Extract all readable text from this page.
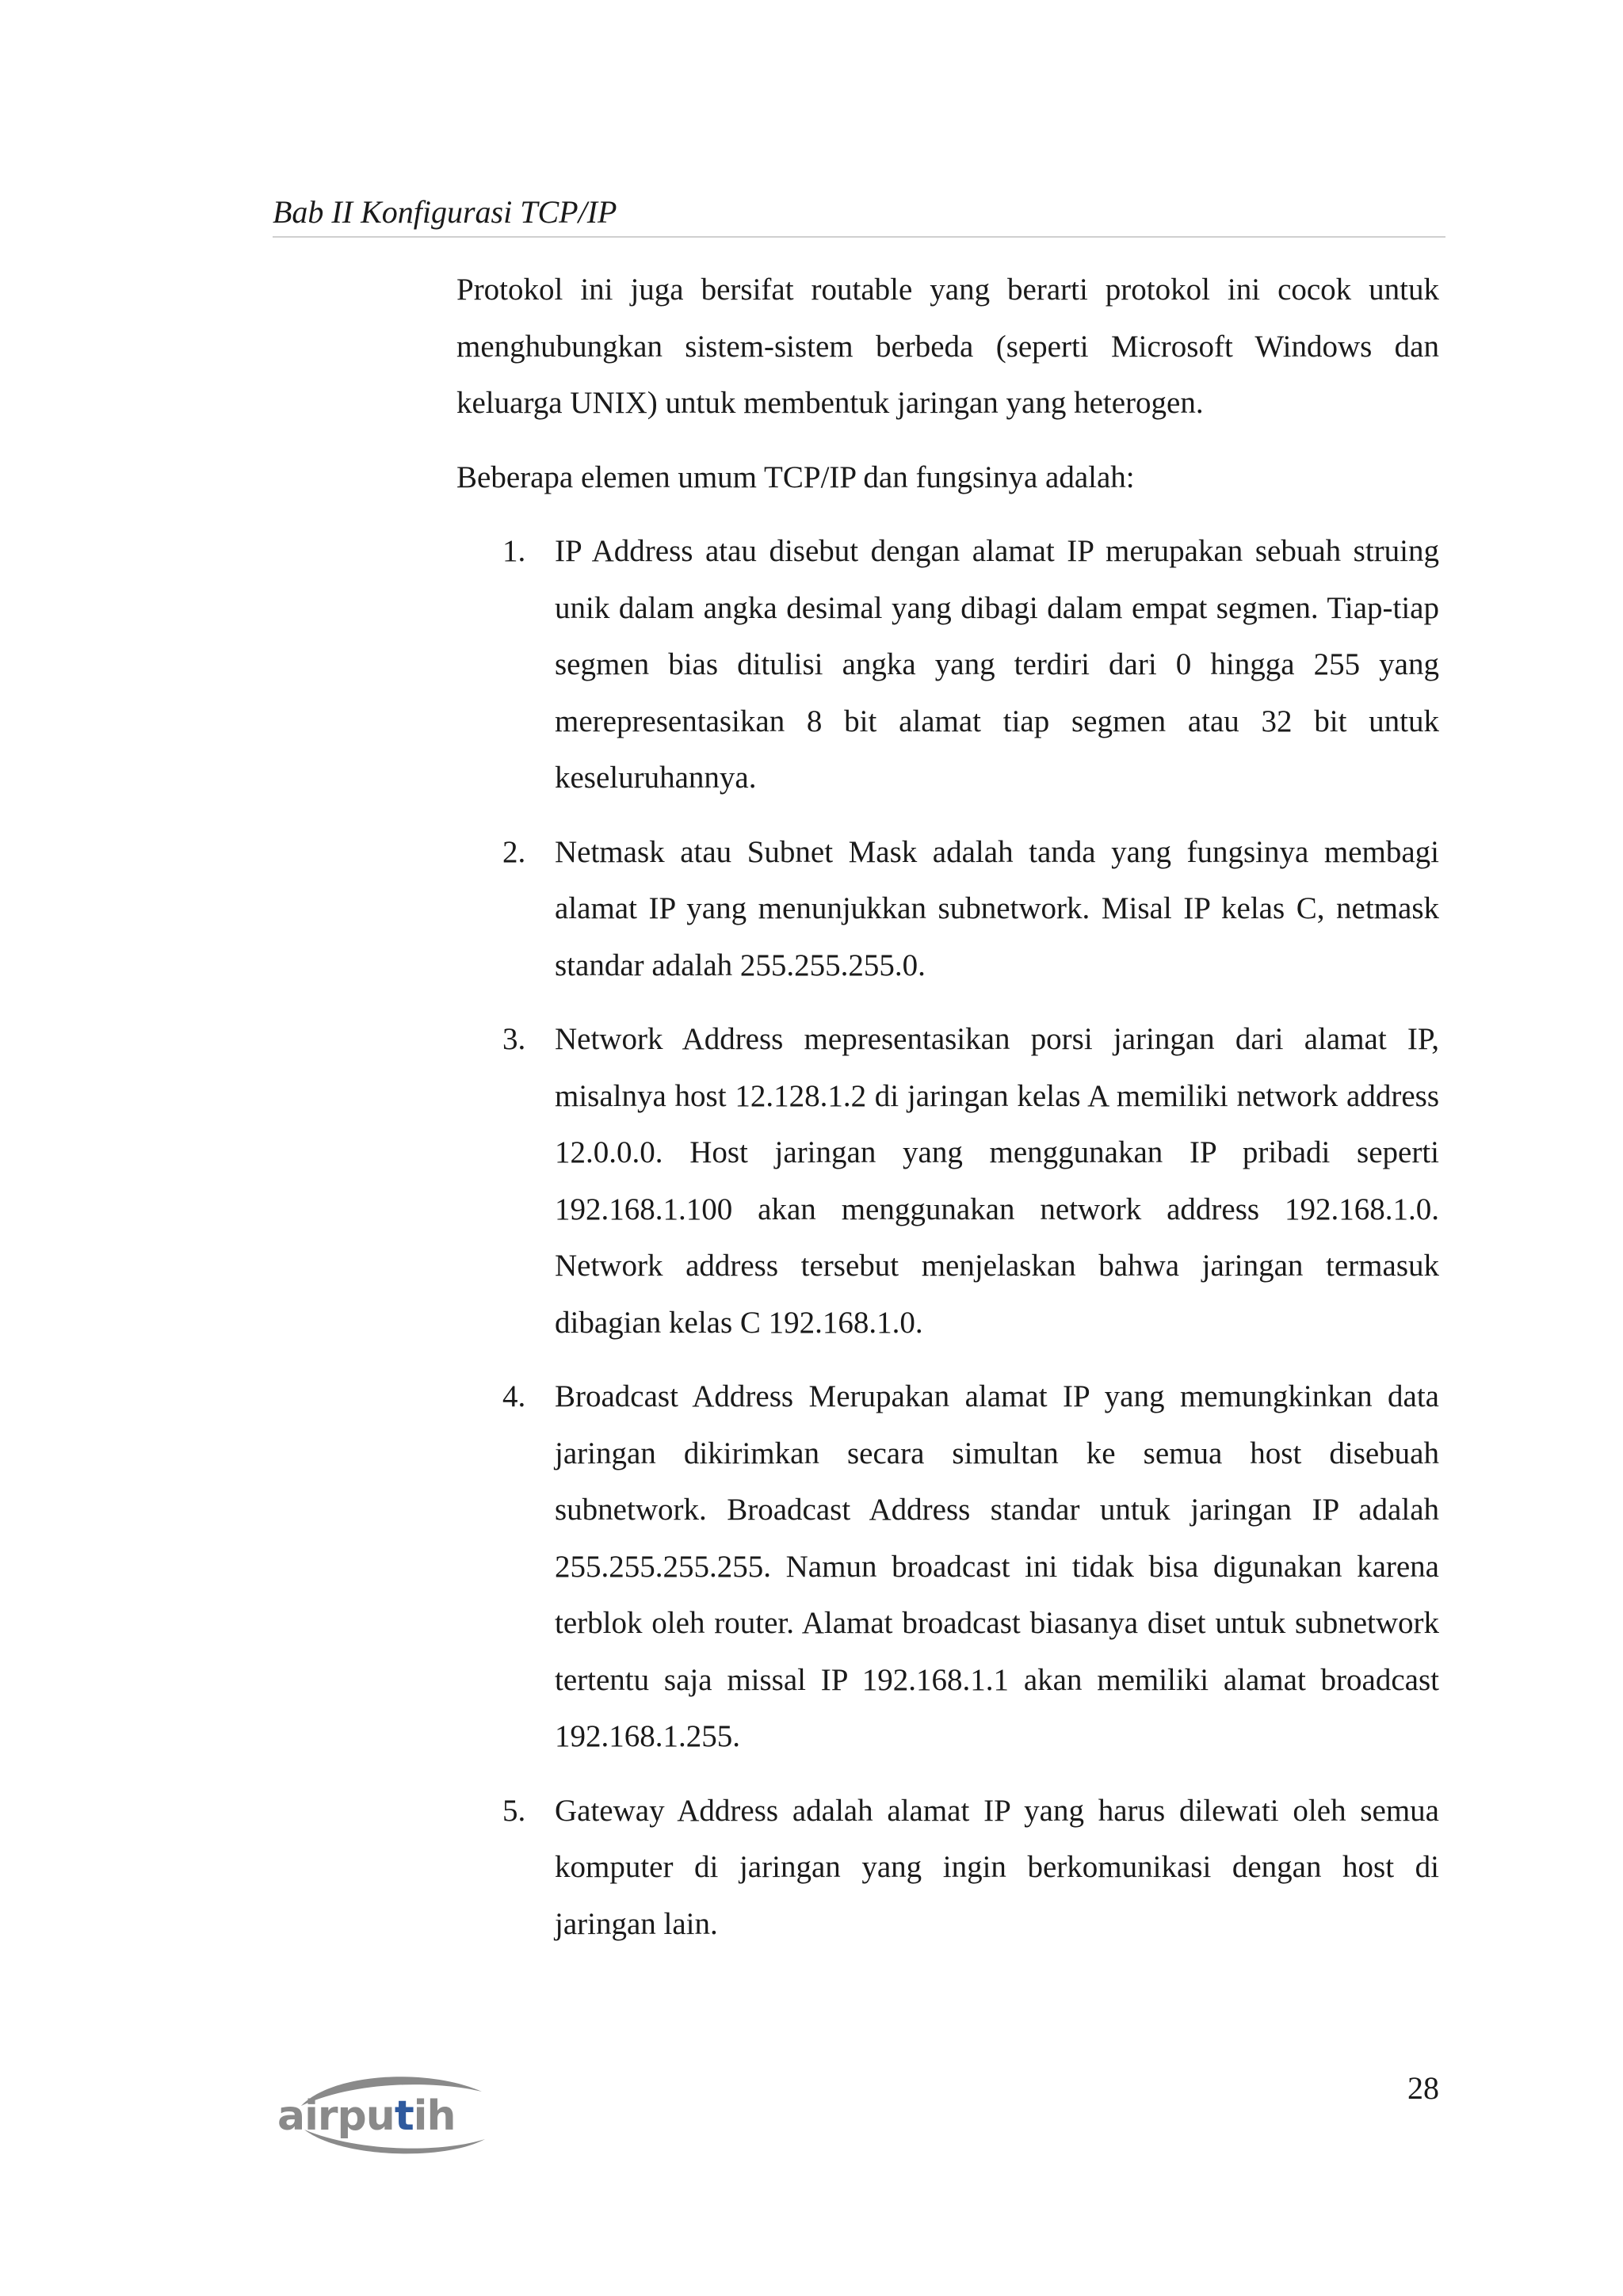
Bab II Konfigurasi TCP/IP

Protokol ini juga bersifat routable yang berarti protokol ini cocok untuk menghubungkan sistem-sistem berbeda (seperti Microsoft Windows dan keluarga UNIX) untuk membentuk jaringan yang heterogen.

Beberapa elemen umum TCP/IP dan fungsinya adalah:

1. IP Address atau disebut dengan alamat IP merupakan sebuah struing unik dalam angka desimal yang dibagi dalam empat segmen. Tiap-tiap segmen bias ditulisi angka yang terdiri dari 0 hingga 255 yang merepresentasikan 8 bit alamat tiap segmen atau 32 bit untuk keseluruhannya.
2. Netmask atau Subnet Mask adalah tanda yang fungsinya membagi alamat IP yang menunjukkan subnetwork. Misal IP kelas C, netmask standar adalah 255.255.255.0.
3. Network Address mepresentasikan porsi jaringan dari alamat IP, misalnya host 12.128.1.2 di jaringan kelas A memiliki network address 12.0.0.0. Host jaringan yang menggunakan IP pribadi seperti 192.168.1.100 akan menggunakan network address 192.168.1.0. Network address tersebut menjelaskan bahwa jaringan termasuk dibagian kelas C 192.168.1.0.
4. Broadcast Address Merupakan alamat IP yang memungkinkan data jaringan dikirimkan secara simultan ke semua host disebuah subnetwork. Broadcast Address standar untuk jaringan IP adalah 255.255.255.255. Namun broadcast ini tidak bisa digunakan karena terblok oleh router. Alamat broadcast biasanya diset untuk subnetwork tertentu saja missal IP 192.168.1.1 akan memiliki alamat broadcast 192.168.1.255.
5. Gateway Address adalah alamat IP yang harus dilewati oleh semua komputer di jaringan yang ingin berkomunikasi dengan host di jaringan lain.
airputih
28
